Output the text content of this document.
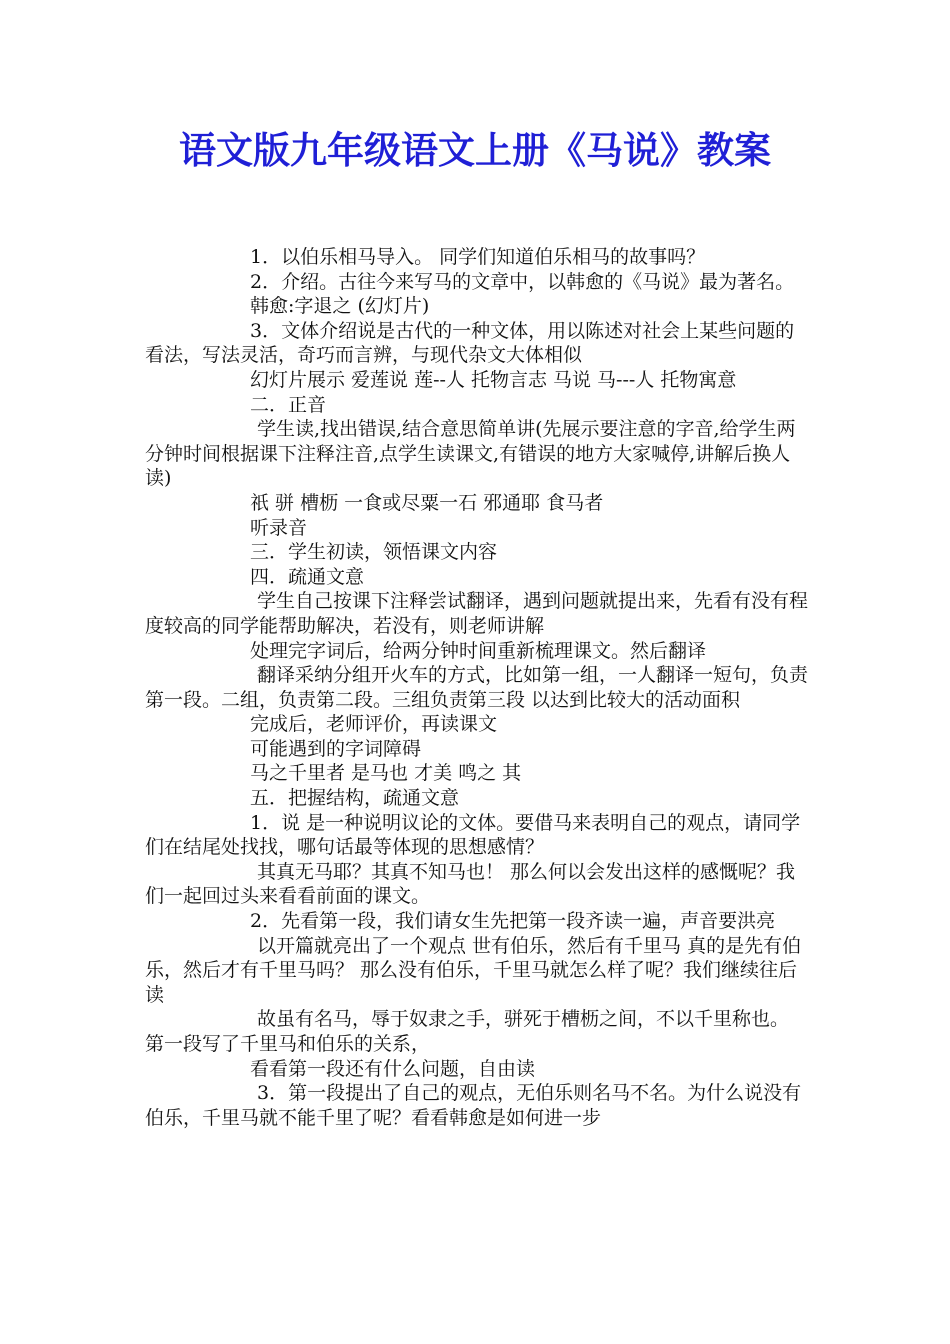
语文版九年级语文上册《马说》教案

1．以伯乐相马导入。 同学们知道伯乐相马的故事吗？

2．介绍。古往今来写马的文章中，以韩愈的《马说》最为著名。

韩愈:字退之 (幻灯片)

3．文体介绍说是古代的一种文体，用以陈述对社会上某些问题的看法，写法灵活，奇巧而言辨，与现代杂文大体相似

幻灯片展示 爱莲说 莲--人 托物言志 马说 马---人 托物寓意

二．正音

学生读,找出错误,结合意思简单讲(先展示要注意的字音,给学生两分钟时间根据课下注释注音,点学生读课文,有错误的地方大家喊停,讲解后换人读)

祇 骈 槽枥 一食或尽粟一石 邪通耶 食马者

听录音

三．学生初读，领悟课文内容

四．疏通文意

学生自己按课下注释尝试翻译，遇到问题就提出来，先看有没有程度较高的同学能帮助解决，若没有，则老师讲解

处理完字词后，给两分钟时间重新梳理课文。然后翻译

翻译采纳分组开火车的方式，比如第一组，一人翻译一短句，负责第一段。二组，负责第二段。三组负责第三段 以达到比较大的活动面积

完成后，老师评价，再读课文

可能遇到的字词障碍

马之千里者 是马也 才美 鸣之 其

五．把握结构，疏通文意

1．说 是一种说明议论的文体。要借马来表明自己的观点，请同学们在结尾处找找，哪句话最等体现的思想感情？

其真无马耶？其真不知马也！ 那么何以会发出这样的感慨呢？我们一起回过头来看看前面的课文。

2．先看第一段，我们请女生先把第一段齐读一遍，声音要洪亮

以开篇就亮出了一个观点 世有伯乐，然后有千里马 真的是先有伯乐，然后才有千里马吗？ 那么没有伯乐，千里马就怎么样了呢？我们继续往后读

故虽有名马，辱于奴隶之手，骈死于槽枥之间，不以千里称也。 第一段写了千里马和伯乐的关系，

看看第一段还有什么问题，自由读

3．第一段提出了自己的观点，无伯乐则名马不名。为什么说没有伯乐，千里马就不能千里了呢？看看韩愈是如何进一步
